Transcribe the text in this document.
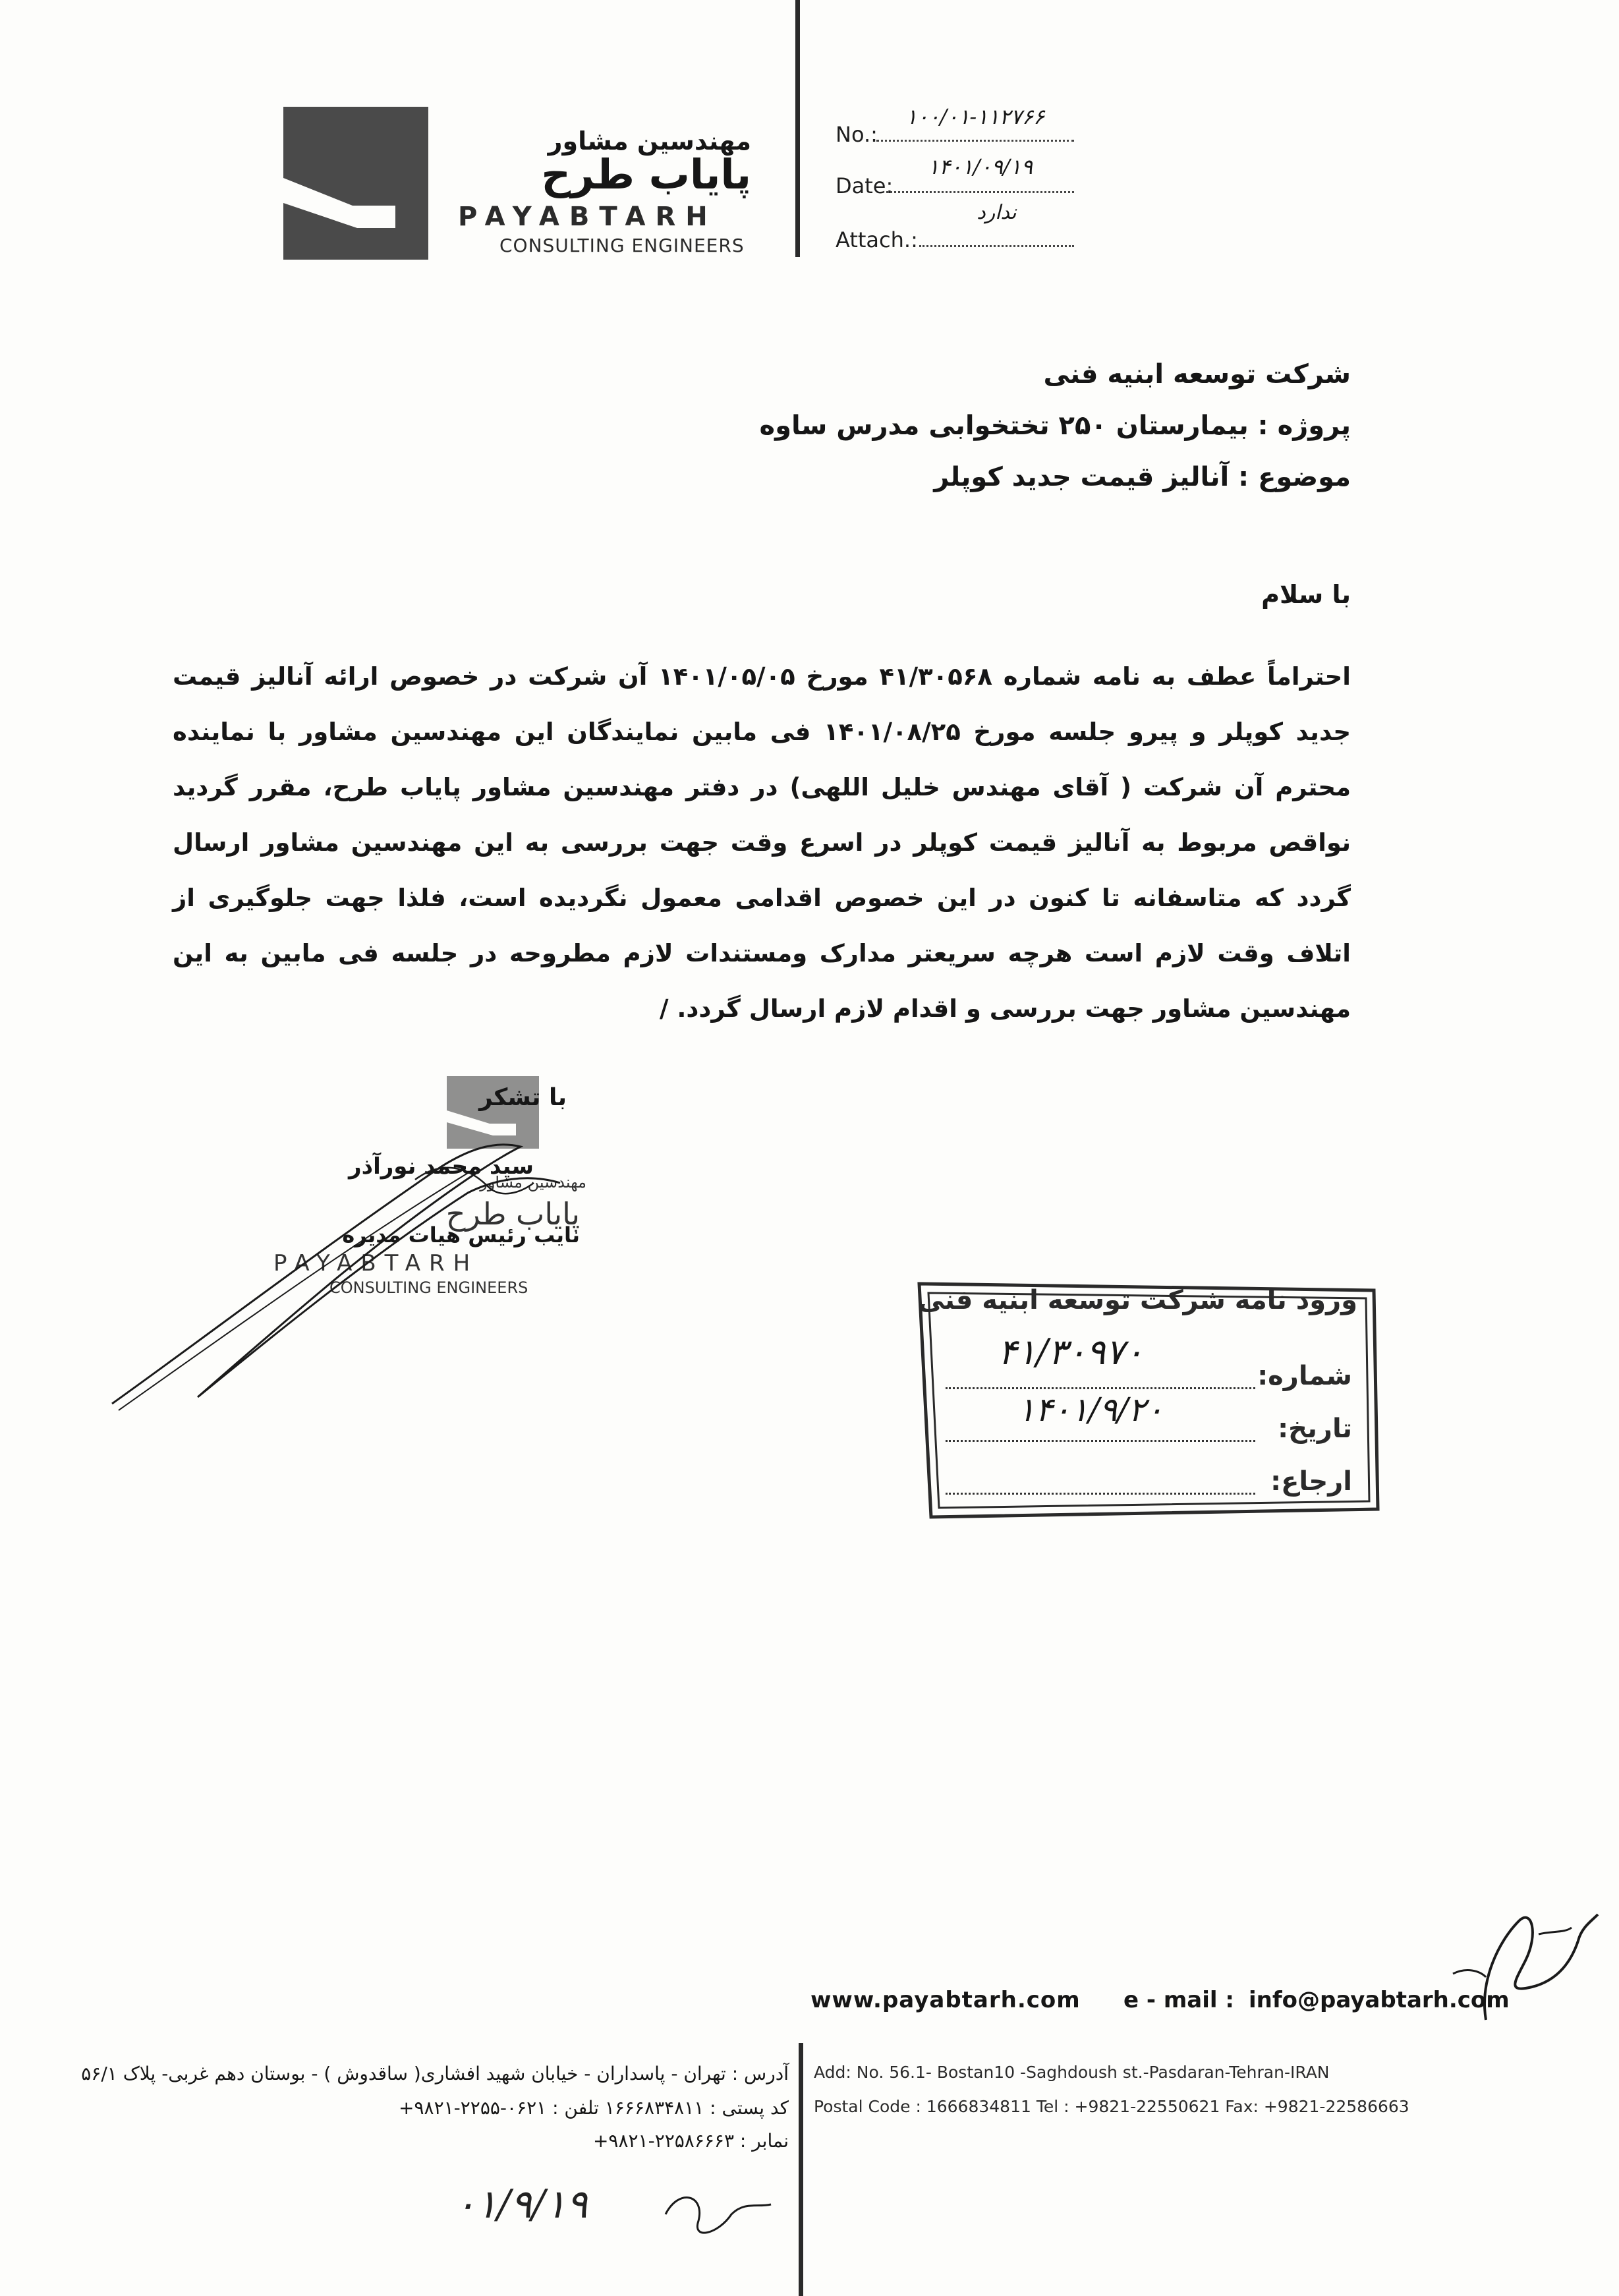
مهندسین مشاور
پایاب طرح
PAYABTARH
CONSULTING ENGINEERS
No.:
۱۰۰/۰۱-۱۱۲۷۶۶
Date:
۱۴۰۱/۰۹/۱۹
Attach.:
ندارد
شرکت توسعه ابنیه فنی
پروژه : بیمارستان ۲۵۰ تختخوابی مدرس ساوه
موضوع : آنالیز قیمت جدید کوپلر
با سلام
احتراماً عطف به نامه شماره ۴۱/۳۰۵۶۸ مورخ ۱۴۰۱/۰۵/۰۵ آن شرکت در خصوص ارائه آنالیز قیمت جدید کوپلر و پیرو جلسه مورخ ۱۴۰۱/۰۸/۲۵ فی مابین نمایندگان این مهندسین مشاور با نماینده محترم آن شرکت ( آقای مهندس خلیل اللهی) در دفتر مهندسین مشاور پایاب طرح، مقرر گردید نواقص مربوط به آنالیز قیمت کوپلر در اسرع وقت جهت بررسی به این مهندسین مشاور ارسال گردد که متاسفانه تا کنون در این خصوص اقدامی معمول نگردیده است، فلذا جهت جلوگیری از اتلاف وقت لازم است هرچه سریعتر مدارک ومستندات لازم مطروحه در جلسه فی مابین به این مهندسین مشاور جهت بررسی و اقدام لازم ارسال گردد. /
با تشکر
سید محمد نورآذر
مهندسین مشاور
پایاب طرح
نایب رئیس هیات مدیره
PAYABTARH
CONSULTING ENGINEERS	ورود نامه شرکت توسعه ابنیه فنی
شماره:
۴۱/۳۰۹۷۰
تاریخ:
۱۴۰۱/۹/۲۰
ارجاع:
www.payabtarh.com e - mail : info@payabtarh.com
آدرس : تهران - پاسداران - خیابان شهید افشاری( ساقدوش ) - بوستان دهم غربی- پلاک ۵۶/۱
کد پستی : ۱۶۶۶۸۳۴۸۱۱ تلفن : ۰۶۲۱-۲۲۵۵-۹۸۲۱+
نمابر : ۲۲۵۸۶۶۶۳-۹۸۲۱+
Add: No. 56.1- Bostan10 -Saghdoush st.-Pasdaran-Tehran-IRAN
Postal Code : 1666834811 Tel : +9821-22550621 Fax: +9821-22586663
۰۱/۹/۱۹
